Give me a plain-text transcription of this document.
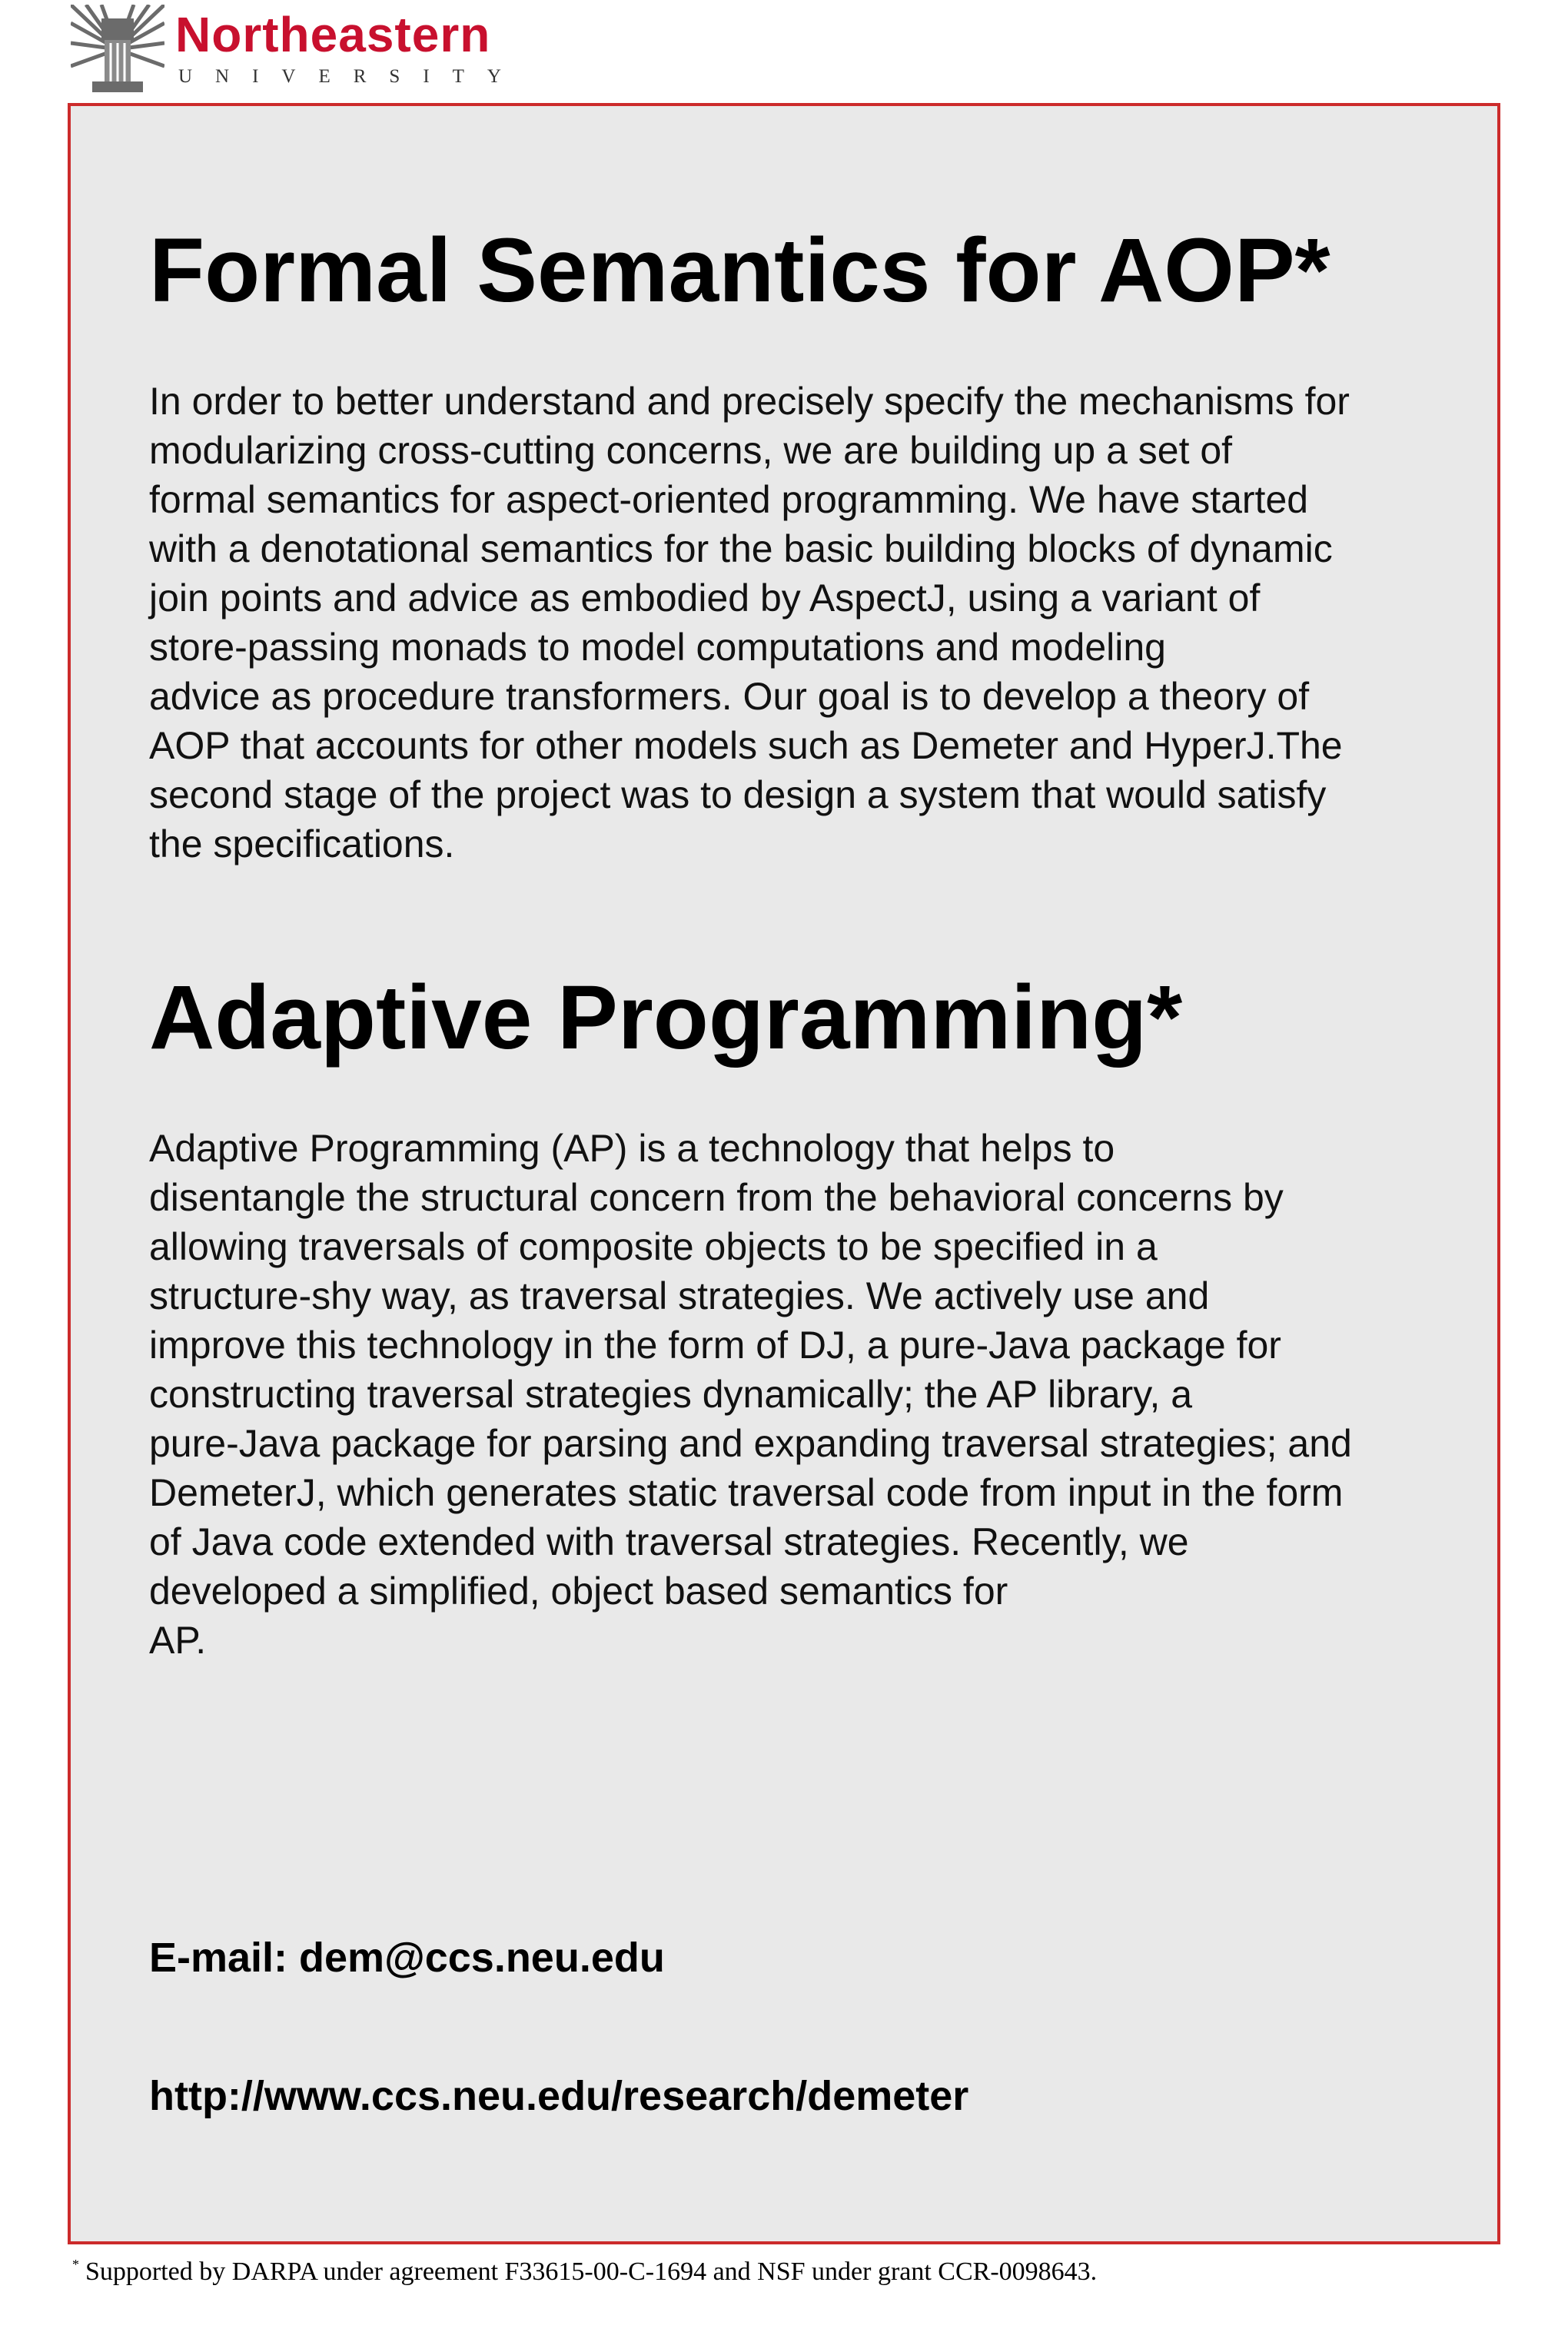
Northeastern
UNIVERSITY
Formal Semantics for AOP*
In order to better understand and precisely specify the mechanisms for
modularizing cross-cutting concerns, we are building up a set of
formal semantics for aspect-oriented programming. We have started
with a denotational semantics for the basic building blocks of dynamic
join points and advice as embodied by AspectJ, using a variant of
store-passing monads to model computations and modeling
advice as procedure transformers. Our goal is to develop a theory of
AOP that accounts for other models such as Demeter and HyperJ.The
second stage of the project was to design a system that would satisfy
the specifications.
Adaptive Programming*
Adaptive Programming (AP) is a technology that helps to
disentangle the structural concern from the behavioral concerns by
allowing traversals of composite objects to be specified in a
structure-shy way, as traversal strategies. We actively use and
improve this technology in the form of DJ, a pure-Java package for
constructing traversal strategies dynamically; the AP library, a
pure-Java package for parsing and expanding traversal strategies; and
DemeterJ, which generates static traversal code from input in the form
of Java code extended with traversal strategies. Recently, we
developed a simplified, object based semantics for
AP.
E-mail: dem@ccs.neu.edu
http://www.ccs.neu.edu/research/demeter
* Supported by DARPA under agreement F33615-00-C-1694 and NSF under grant CCR-0098643.
